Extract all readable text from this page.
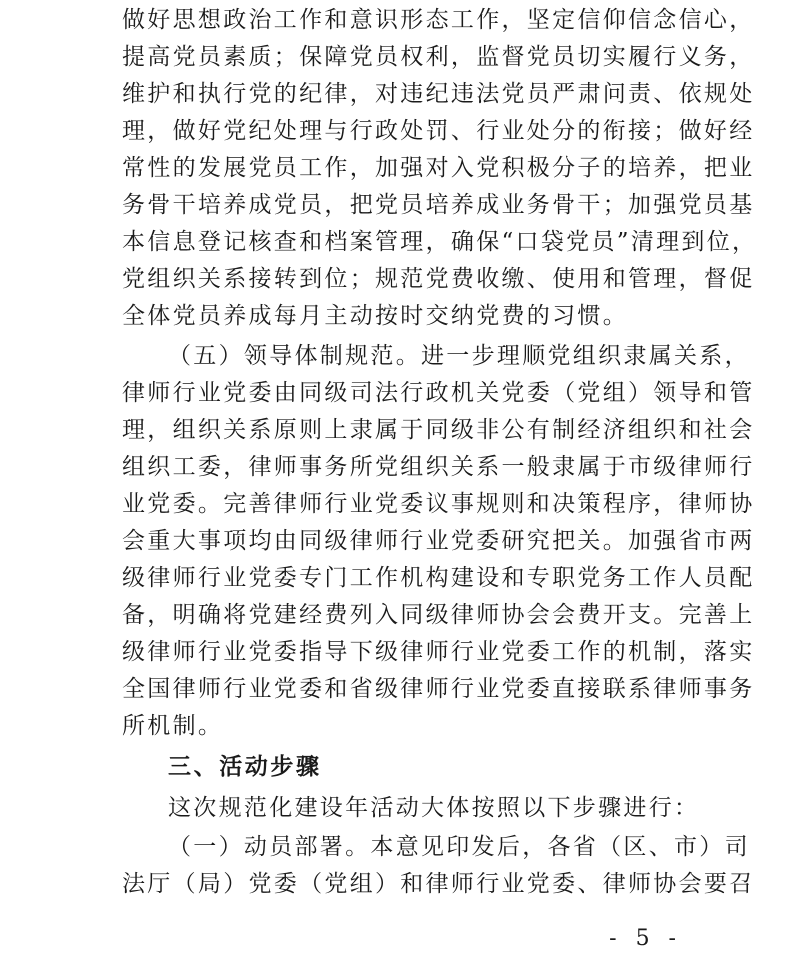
做好思想政治工作和意识形态工作，坚定信仰信念信心，
提高党员素质；保障党员权利，监督党员切实履行义务，
维护和执行党的纪律，对违纪违法党员严肃问责、依规处
理，做好党纪处理与行政处罚、行业处分的衔接；做好经
常性的发展党员工作，加强对入党积极分子的培养，把业
务骨干培养成党员，把党员培养成业务骨干；加强党员基
本信息登记核查和档案管理，确保“口袋党员”清理到位，
党组织关系接转到位；规范党费收缴、使用和管理，督促
全体党员养成每月主动按时交纳党费的习惯。
（五）领导体制规范。进一步理顺党组织隶属关系，
律师行业党委由同级司法行政机关党委（党组）领导和管
理，组织关系原则上隶属于同级非公有制经济组织和社会
组织工委，律师事务所党组织关系一般隶属于市级律师行
业党委。完善律师行业党委议事规则和决策程序，律师协
会重大事项均由同级律师行业党委研究把关。加强省市两
级律师行业党委专门工作机构建设和专职党务工作人员配
备，明确将党建经费列入同级律师协会会费开支。完善上
级律师行业党委指导下级律师行业党委工作的机制，落实
全国律师行业党委和省级律师行业党委直接联系律师事务
所机制。
三、活动步骤
这次规范化建设年活动大体按照以下步骤进行：
（一）动员部署。本意见印发后，各省（区、市）司
法厅（局）党委（党组）和律师行业党委、律师协会要召
- 5 -
